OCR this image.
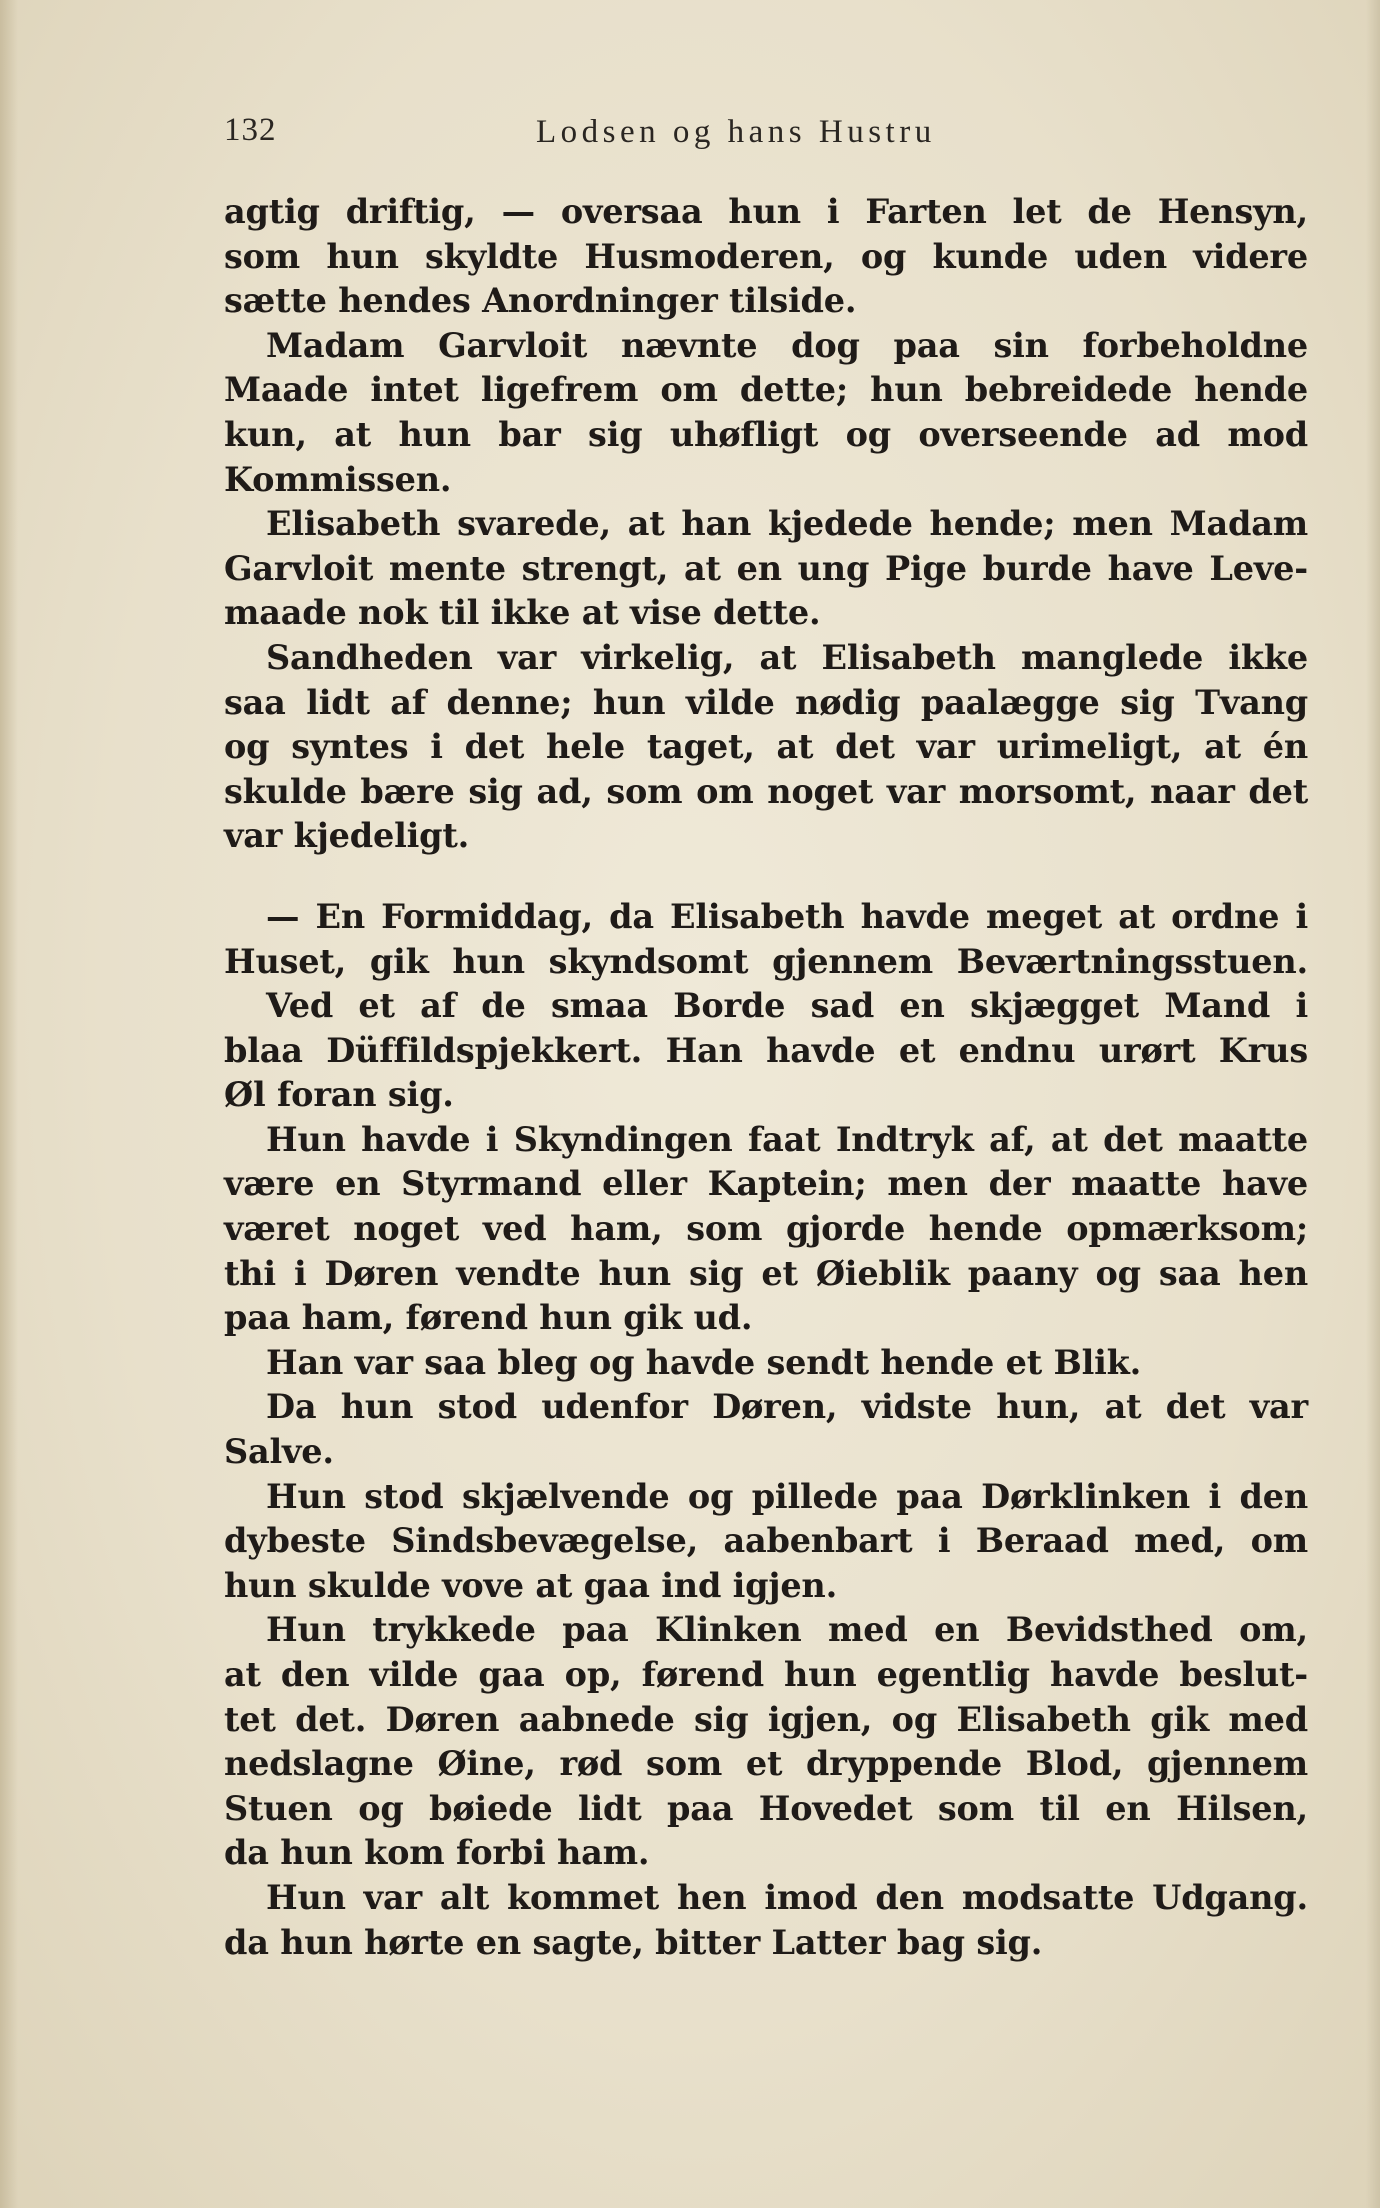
132	Lodsen og hans Hustru
agtig driftig, — oversaa hun i Farten let de Hensyn,
som hun skyldte Husmoderen, og kunde uden videre
sætte hendes Anordninger tilside.
Madam Garvloit nævnte dog paa sin forbeholdne
Maade intet ligefrem om dette; hun bebreidede hende
kun, at hun bar sig uhøfligt og overseende ad mod
Kommissen.
Elisabeth svarede, at han kjedede hende; men Madam
Garvloit mente strengt, at en ung Pige burde have Leve-
maade nok til ikke at vise dette.
Sandheden var virkelig, at Elisabeth manglede ikke
saa lidt af denne; hun vilde nødig paalægge sig Tvang
og syntes i det hele taget, at det var urimeligt, at én
skulde bære sig ad, som om noget var morsomt, naar det
var kjedeligt.
— En Formiddag, da Elisabeth havde meget at ordne i
Huset, gik hun skyndsomt gjennem Beværtningsstuen.
Ved et af de smaa Borde sad en skjægget Mand i
blaa Düffildspjekkert. Han havde et endnu urørt Krus
Øl foran sig.
Hun havde i Skyndingen faat Indtryk af, at det maatte
være en Styrmand eller Kaptein; men der maatte have
været noget ved ham, som gjorde hende opmærksom;
thi i Døren vendte hun sig et Øieblik paany og saa hen
paa ham, førend hun gik ud.
Han var saa bleg og havde sendt hende et Blik.
Da hun stod udenfor Døren, vidste hun, at det var
Salve.
Hun stod skjælvende og pillede paa Dørklinken i den
dybeste Sindsbevægelse, aabenbart i Beraad med, om
hun skulde vove at gaa ind igjen.
Hun trykkede paa Klinken med en Bevidsthed om,
at den vilde gaa op, førend hun egentlig havde beslut-
tet det. Døren aabnede sig igjen, og Elisabeth gik med
nedslagne Øine, rød som et dryppende Blod, gjennem
Stuen og bøiede lidt paa Hovedet som til en Hilsen,
da hun kom forbi ham.
Hun var alt kommet hen imod den modsatte Udgang.
da hun hørte en sagte, bitter Latter bag sig.
